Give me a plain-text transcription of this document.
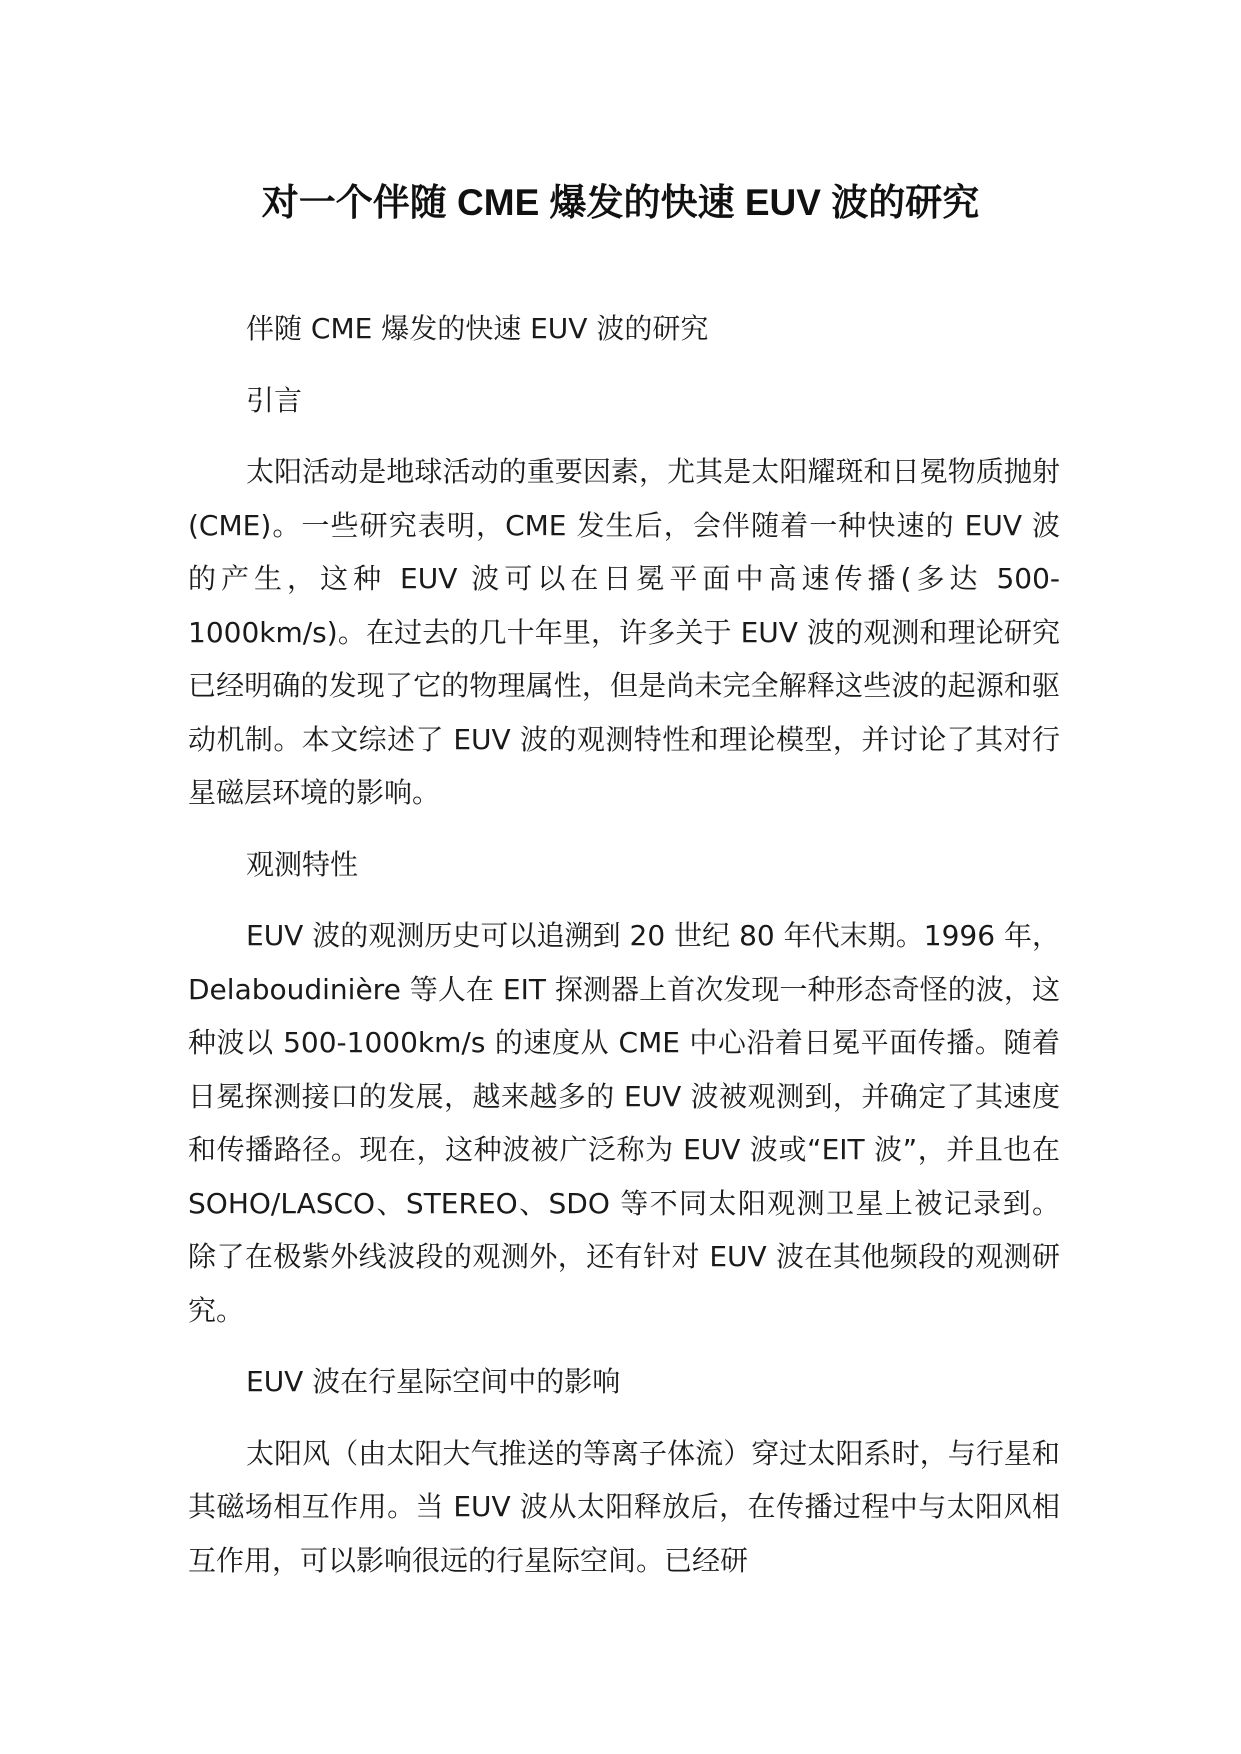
对一个伴随 CME 爆发的快速 EUV 波的研究

伴随 CME 爆发的快速 EUV 波的研究

引言

太阳活动是地球活动的重要因素，尤其是太阳耀斑和日冕物质抛射(CME)。一些研究表明，CME 发生后，会伴随着一种快速的 EUV 波的产生，这种 EUV 波可以在日冕平面中高速传播(多达 500-1000km/s)。在过去的几十年里，许多关于 EUV 波的观测和理论研究已经明确的发现了它的物理属性，但是尚未完全解释这些波的起源和驱动机制。本文综述了 EUV 波的观测特性和理论模型，并讨论了其对行星磁层环境的影响。

观测特性

EUV 波的观测历史可以追溯到 20 世纪 80 年代末期。1996 年，Delaboudinière 等人在 EIT 探测器上首次发现一种形态奇怪的波，这种波以 500-1000km/s 的速度从 CME 中心沿着日冕平面传播。随着日冕探测接口的发展，越来越多的 EUV 波被观测到，并确定了其速度和传播路径。现在，这种波被广泛称为 EUV 波或“EIT 波”，并且也在 SOHO/LASCO、STEREO、SDO 等不同太阳观测卫星上被记录到。除了在极紫外线波段的观测外，还有针对 EUV 波在其他频段的观测研究。

EUV 波在行星际空间中的影响

太阳风（由太阳大气推送的等离子体流）穿过太阳系时，与行星和其磁场相互作用。当 EUV 波从太阳释放后，在传播过程中与太阳风相互作用，可以影响很远的行星际空间。已经研
